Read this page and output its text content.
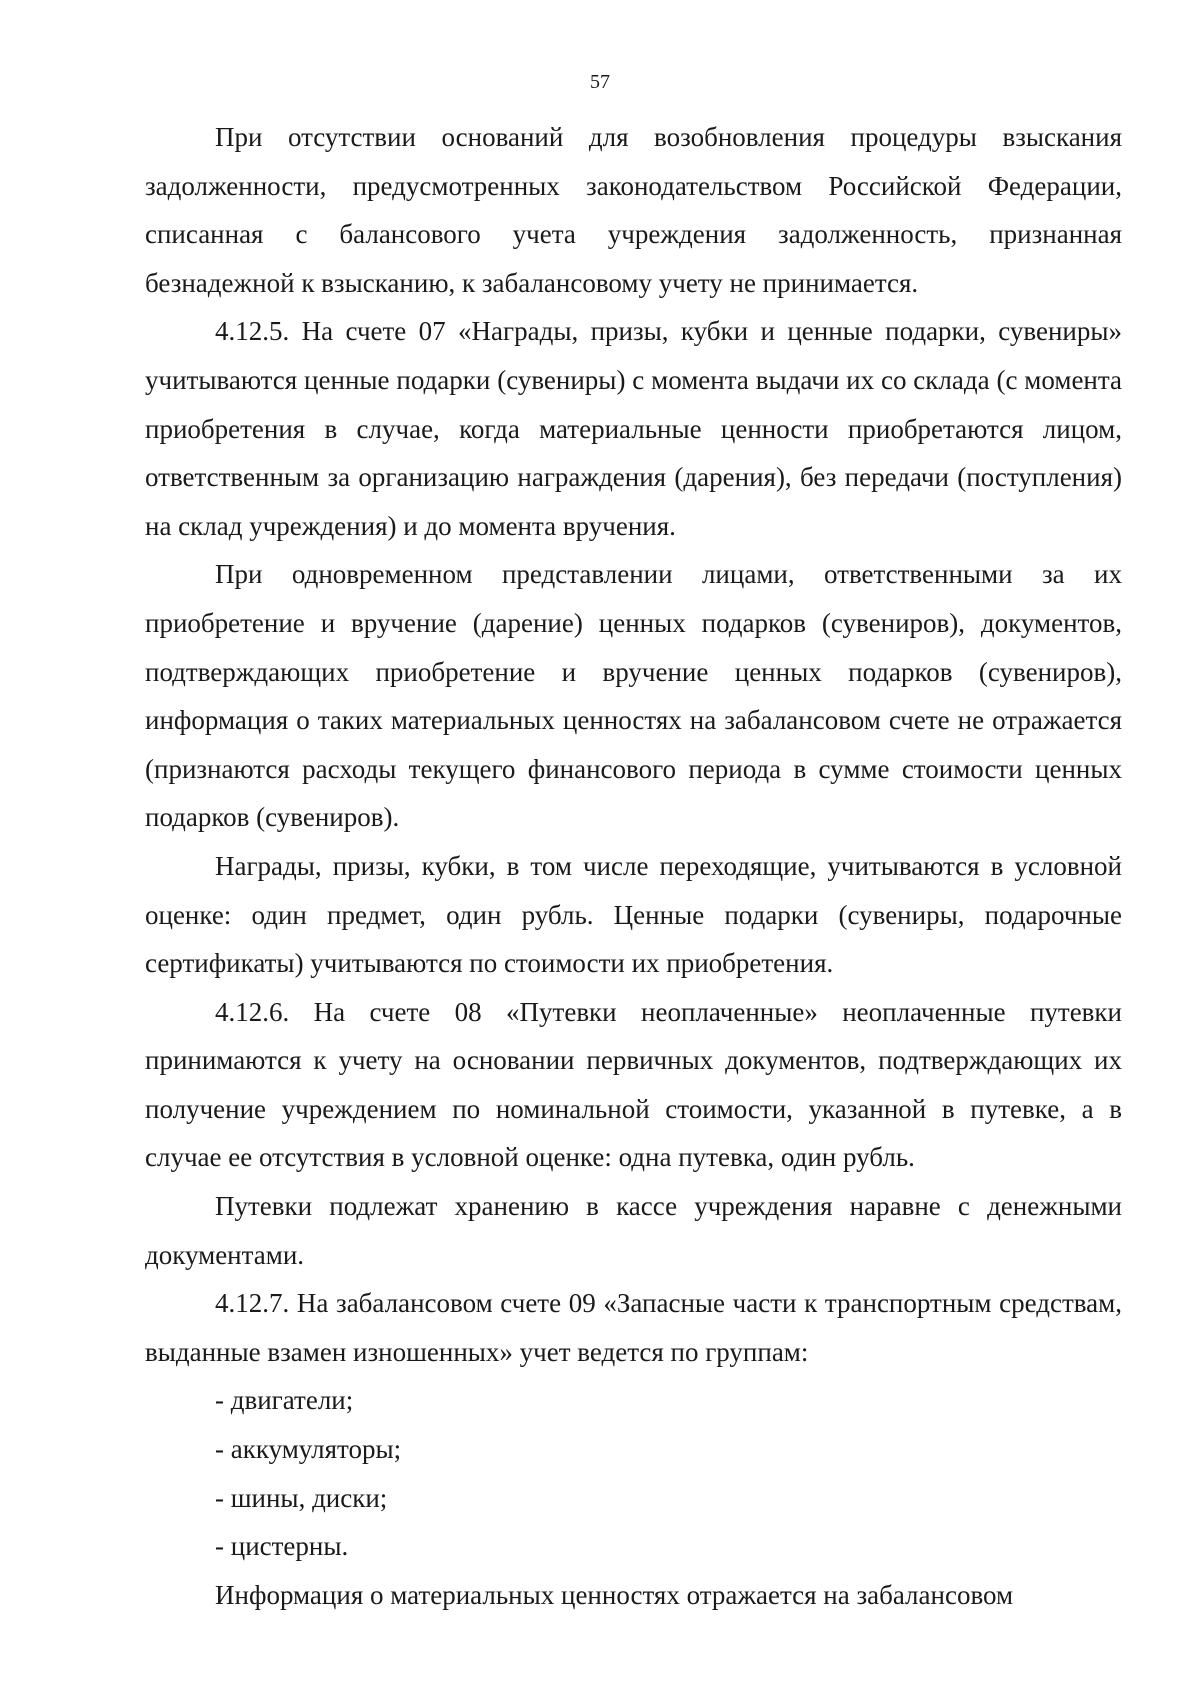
57

При отсутствии оснований для возобновления процедуры взыскания задолженности, предусмотренных законодательством Российской Федерации, списанная с балансового учета учреждения задолженность, признанная безнадежной к взысканию, к забалансовому учету не принимается.

4.12.5. На счете 07 «Награды, призы, кубки и ценные подарки, сувениры» учитываются ценные подарки (сувениры) с момента выдачи их со склада (с момента приобретения в случае, когда материальные ценности приобретаются лицом, ответственным за организацию награждения (дарения), без передачи (поступления) на склад учреждения) и до момента вручения.

При одновременном представлении лицами, ответственными за их приобретение и вручение (дарение) ценных подарков (сувениров), документов, подтверждающих приобретение и вручение ценных подарков (сувениров), информация о таких материальных ценностях на забалансовом счете не отражается (признаются расходы текущего финансового периода в сумме стоимости ценных подарков (сувениров).

Награды, призы, кубки, в том числе переходящие, учитываются в условной оценке: один предмет, один рубль. Ценные подарки (сувениры, подарочные сертификаты) учитываются по стоимости их приобретения.

4.12.6. На счете 08 «Путевки неоплаченные» неоплаченные путевки принимаются к учету на основании первичных документов, подтверждающих их получение учреждением по номинальной стоимости, указанной в путевке, а в случае ее отсутствия в условной оценке: одна путевка, один рубль.

Путевки подлежат хранению в кассе учреждения наравне с денежными документами.

4.12.7. На забалансовом счете 09 «Запасные части к транспортным средствам, выданные взамен изношенных» учет ведется по группам:

- двигатели;
- аккумуляторы;
- шины, диски;
- цистерны.

Информация о материальных ценностях отражается на забалансовом
